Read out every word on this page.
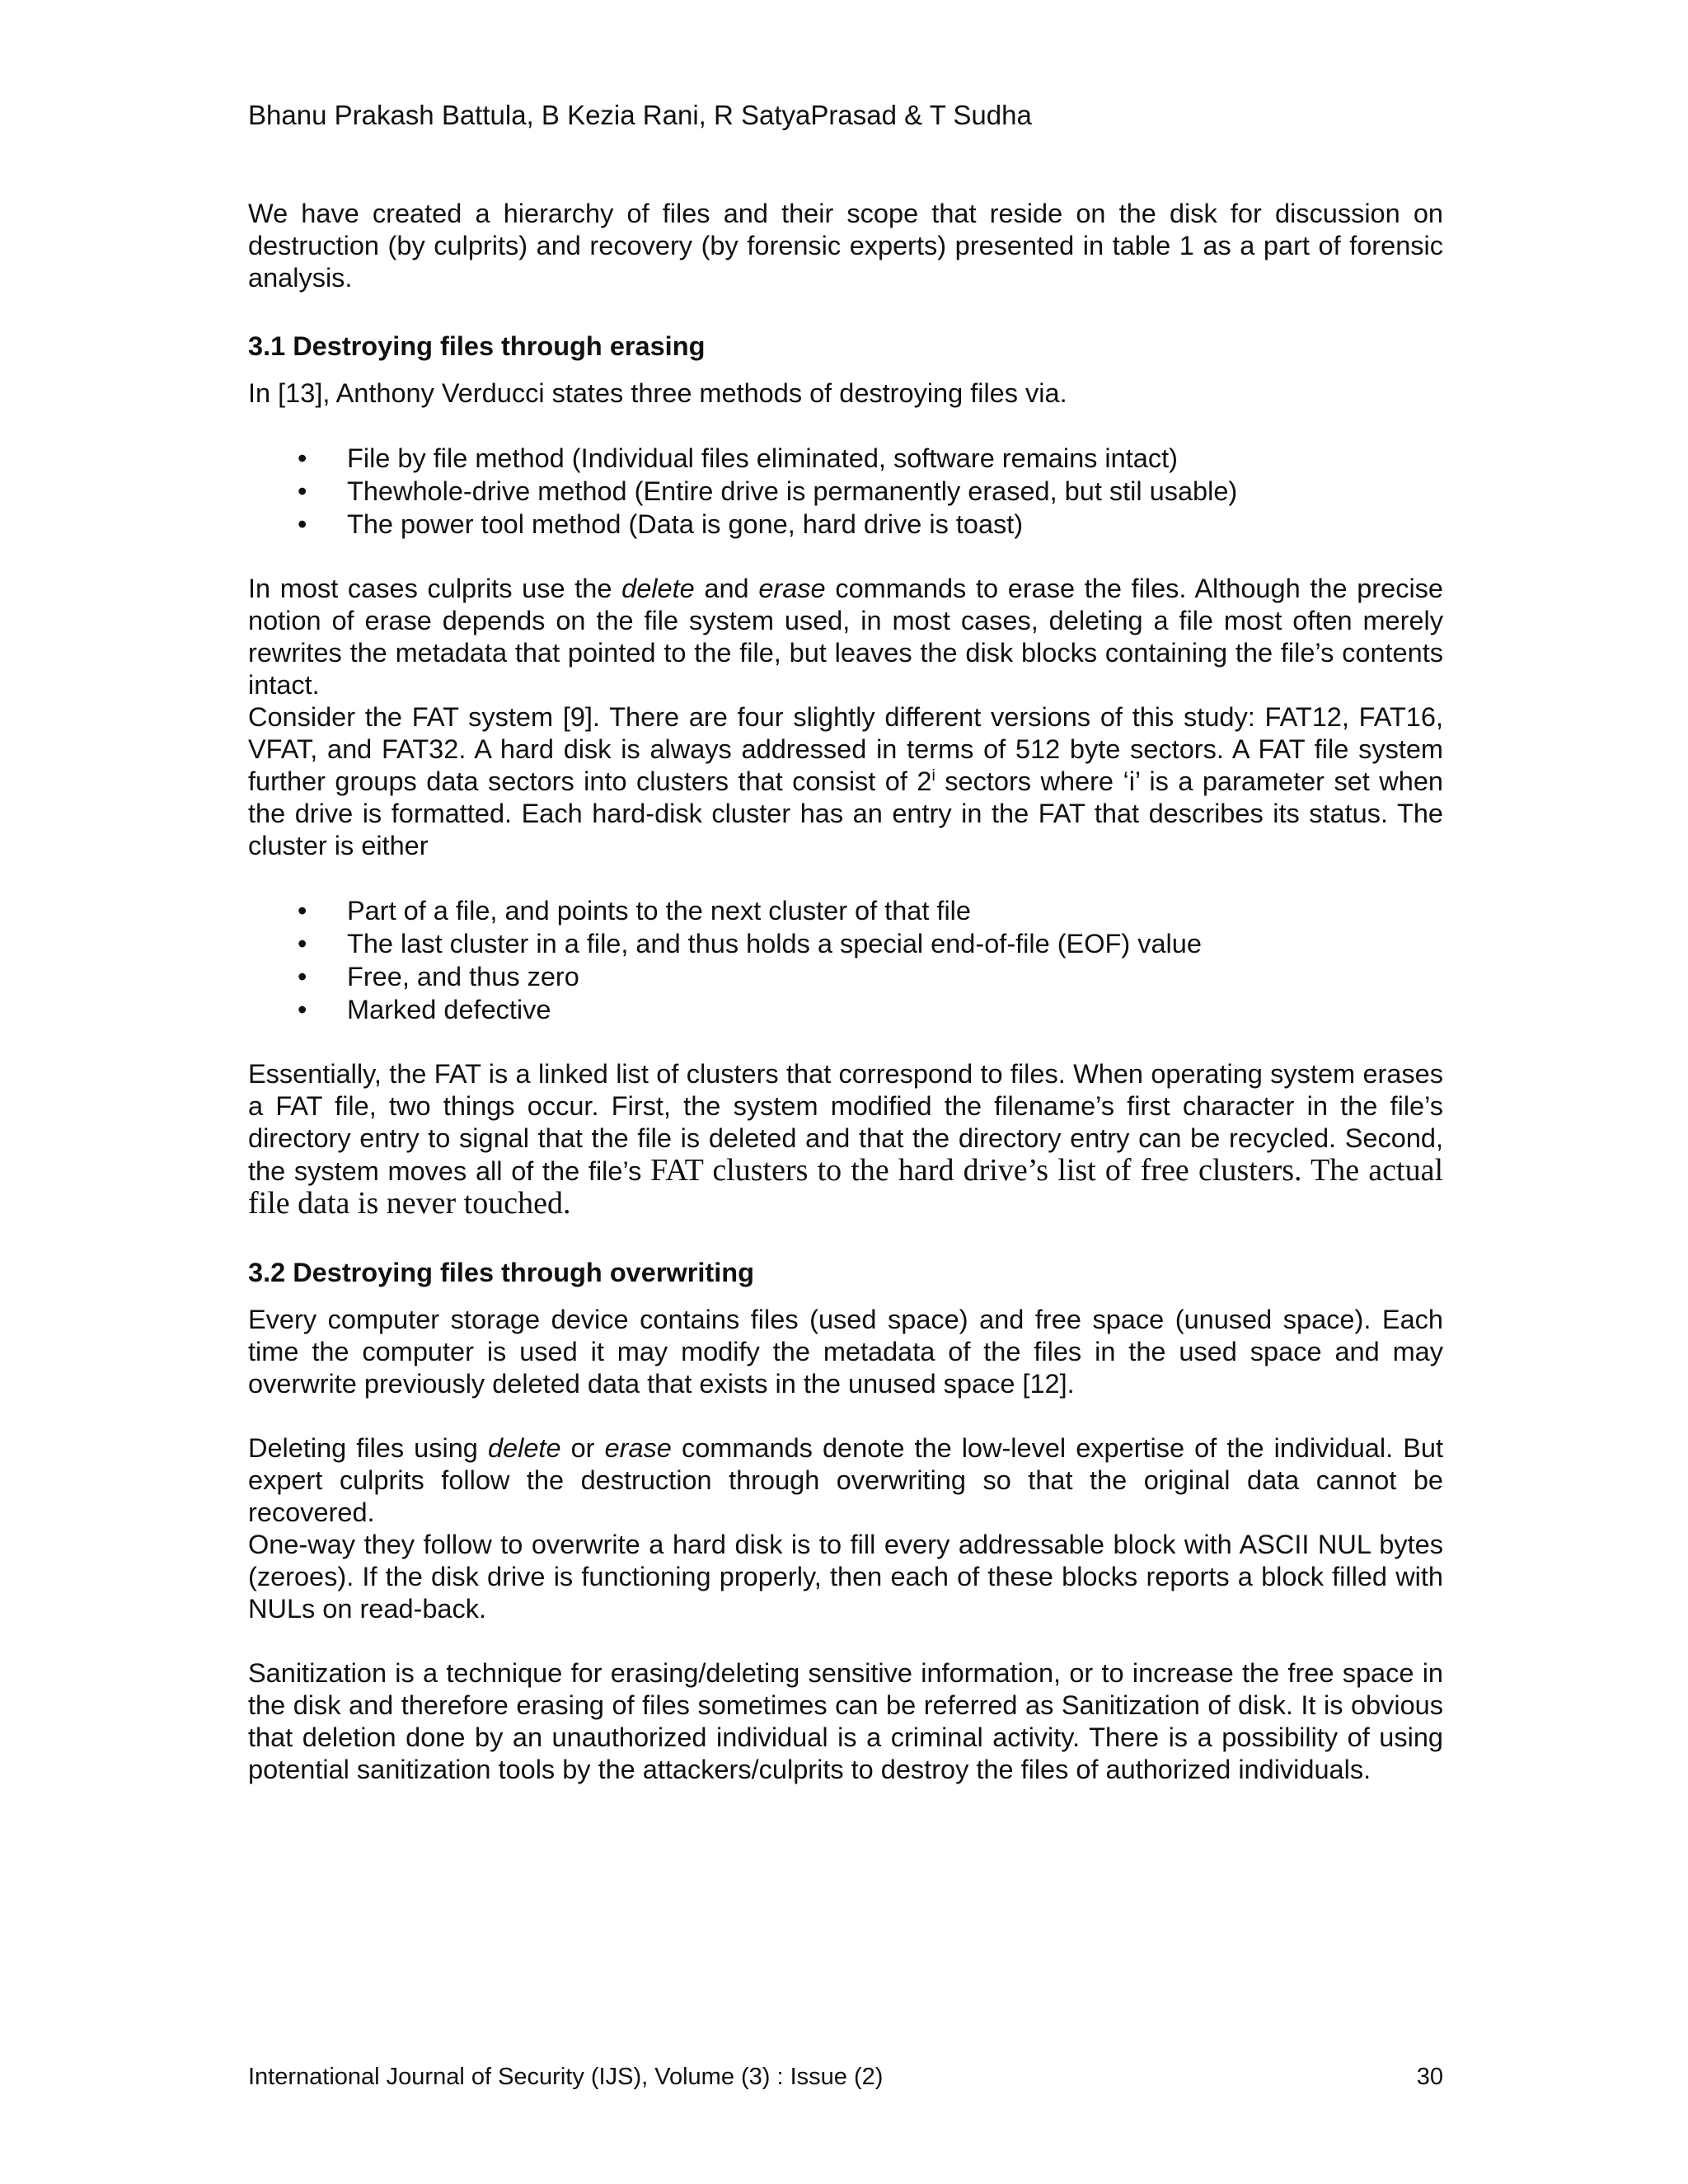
Bhanu Prakash Battula, B Kezia Rani, R SatyaPrasad & T Sudha

We have created a hierarchy of files and their scope that reside on the disk for discussion on destruction (by culprits) and recovery (by forensic experts) presented in table 1 as a part of forensic analysis.

3.1 Destroying files through erasing

In [13], Anthony Verducci states three methods of destroying files via.

• File by file method (Individual files eliminated, software remains intact)
• Thewhole-drive method (Entire drive is permanently erased, but stil usable)
• The power tool method (Data is gone, hard drive is toast)

In most cases culprits use the delete and erase commands to erase the files. Although the precise notion of erase depends on the file system used, in most cases, deleting a file most often merely rewrites the metadata that pointed to the file, but leaves the disk blocks containing the file’s contents intact.

Consider the FAT system [9]. There are four slightly different versions of this study: FAT12, FAT16, VFAT, and FAT32. A hard disk is always addressed in terms of 512 byte sectors. A FAT file system further groups data sectors into clusters that consist of 2$^i$ sectors where ‘i’ is a parameter set when the drive is formatted. Each hard-disk cluster has an entry in the FAT that describes its status. The cluster is either

• Part of a file, and points to the next cluster of that file
• The last cluster in a file, and thus holds a special end-of-file (EOF) value
• Free, and thus zero
• Marked defective

Essentially, the FAT is a linked list of clusters that correspond to files. When operating system erases a FAT file, two things occur. First, the system modified the filename’s first character in the file’s directory entry to signal that the file is deleted and that the directory entry can be recycled. Second, the system moves all of the file’s FAT clusters to the hard drive’s list of free clusters. The actual file data is never touched.

3.2 Destroying files through overwriting

Every computer storage device contains files (used space) and free space (unused space). Each time the computer is used it may modify the metadata of the files in the used space and may overwrite previously deleted data that exists in the unused space [12].

Deleting files using delete or erase commands denote the low-level expertise of the individual. But expert culprits follow the destruction through overwriting so that the original data cannot be recovered.

One-way they follow to overwrite a hard disk is to fill every addressable block with ASCII NUL bytes (zeroes). If the disk drive is functioning properly, then each of these blocks reports a block filled with NULs on read-back.

Sanitization is a technique for erasing/deleting sensitive information, or to increase the free space in the disk and therefore erasing of files sometimes can be referred as Sanitization of disk. It is obvious that deletion done by an unauthorized individual is a criminal activity. There is a possibility of using potential sanitization tools by the attackers/culprits to destroy the files of authorized individuals.

International Journal of Security (IJS), Volume (3) : Issue (2)	30
